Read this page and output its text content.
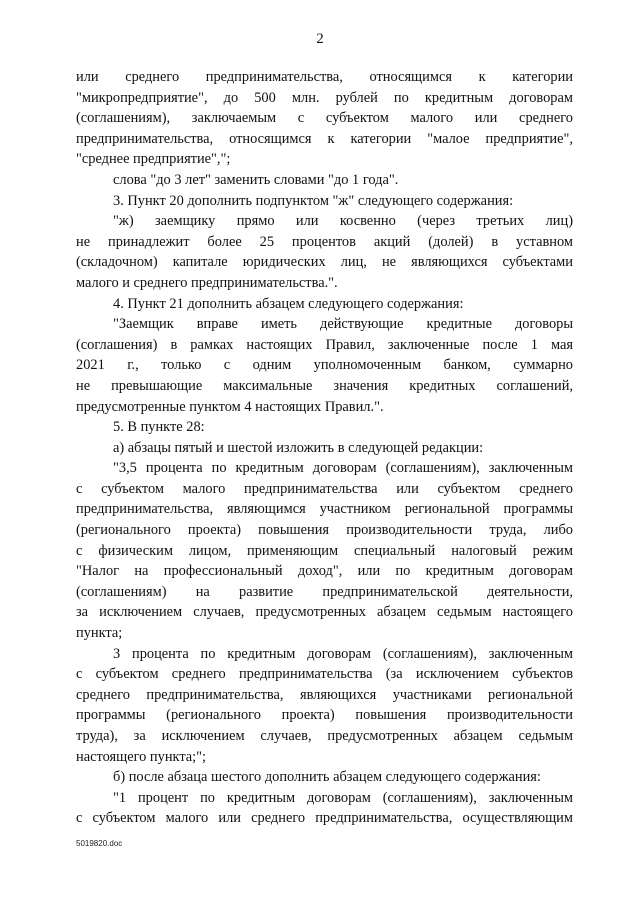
2
или среднего предпринимательства, относящимся к категории
"микропредприятие", до 500 млн. рублей по кредитным договорам
(соглашениям), заключаемым с субъектом малого или среднего
предпринимательства, относящимся к категории "малое предприятие",
"среднее предприятие",";
слова "до 3 лет" заменить словами "до 1 года".
3. Пункт 20 дополнить подпунктом "ж" следующего содержания:
"ж) заемщику прямо или косвенно (через третьих лиц)
не принадлежит более 25 процентов акций (долей) в уставном
(складочном) капитале юридических лиц, не являющихся субъектами
малого и среднего предпринимательства.".
4. Пункт 21 дополнить абзацем следующего содержания:
"Заемщик вправе иметь действующие кредитные договоры
(соглашения) в рамках настоящих Правил, заключенные после 1 мая
2021 г., только с одним уполномоченным банком, суммарно
не превышающие максимальные значения кредитных соглашений,
предусмотренные пунктом 4 настоящих Правил.".
5. В пункте 28:
а) абзацы пятый и шестой изложить в следующей редакции:
"3,5 процента по кредитным договорам (соглашениям), заключенным
с субъектом малого предпринимательства или субъектом среднего
предпринимательства, являющимся участником региональной программы
(регионального проекта) повышения производительности труда, либо
с физическим лицом, применяющим специальный налоговый режим
"Налог на профессиональный доход", или по кредитным договорам
(соглашениям) на развитие предпринимательской деятельности,
за исключением случаев, предусмотренных абзацем седьмым настоящего
пункта;
3 процента по кредитным договорам (соглашениям), заключенным
с субъектом среднего предпринимательства (за исключением субъектов
среднего предпринимательства, являющихся участниками региональной
программы (регионального проекта) повышения производительности
труда), за исключением случаев, предусмотренных абзацем седьмым
настоящего пункта;";
б) после абзаца шестого дополнить абзацем следующего содержания:
"1 процент по кредитным договорам (соглашениям), заключенным
с субъектом малого или среднего предпринимательства, осуществляющим
5019820.doc
